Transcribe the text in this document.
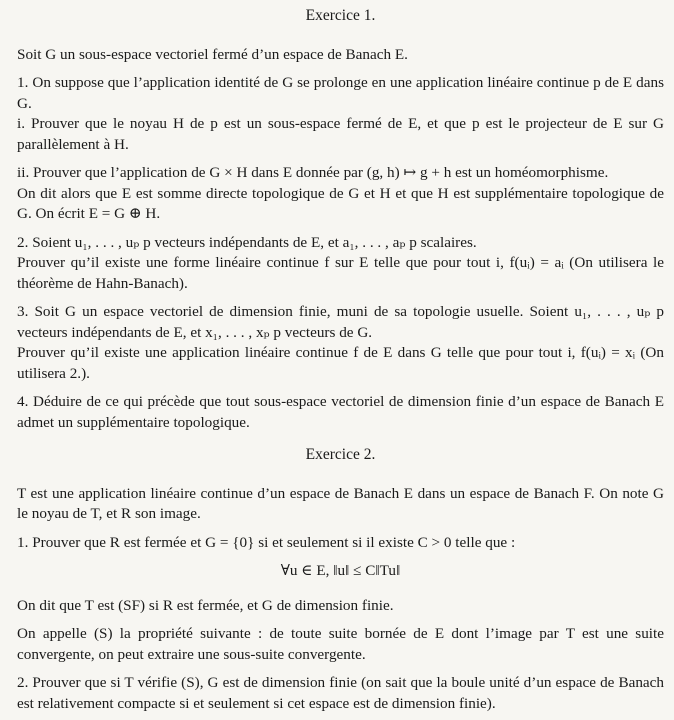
Exercice 1.

Soit G un sous-espace vectoriel fermé d’un espace de Banach E.

1. On suppose que l’application identité de G se prolonge en une application linéaire continue p de E dans G.

i. Prouver que le noyau H de p est un sous-espace fermé de E, et que p est le projecteur de E sur G parallèlement à H.

ii. Prouver que l’application de G × H dans E donnée par (g, h) ↦ g + h est un homéomorphisme.

On dit alors que E est somme directe topologique de G et H et que H est supplémentaire topologique de G. On écrit E = G ⊕ H.

2. Soient u₁, . . . , uₚ p vecteurs indépendants de E, et a₁, . . . , aₚ p scalaires.

Prouver qu’il existe une forme linéaire continue f sur E telle que pour tout i, f(uᵢ) = aᵢ (On utilisera le théorème de Hahn-Banach).

3. Soit G un espace vectoriel de dimension finie, muni de sa topologie usuelle. Soient u₁, . . . , uₚ p vecteurs indépendants de E, et x₁, . . . , xₚ p vecteurs de G.

Prouver qu’il existe une application linéaire continue f de E dans G telle que pour tout i, f(uᵢ) = xᵢ (On utilisera 2.).

4. Déduire de ce qui précède que tout sous-espace vectoriel de dimension finie d’un espace de Banach E admet un supplémentaire topologique.

Exercice 2.

T est une application linéaire continue d’un espace de Banach E dans un espace de Banach F. On note G le noyau de T, et R son image.

1. Prouver que R est fermée et G = {0} si et seulement si il existe C > 0 telle que :

∀u ∈ E, ‖u‖ ≤ C‖Tu‖

On dit que T est (SF) si R est fermée, et G de dimension finie.

On appelle (S) la propriété suivante : de toute suite bornée de E dont l’image par T est une suite convergente, on peut extraire une sous-suite convergente.

2. Prouver que si T vérifie (S), G est de dimension finie (on sait que la boule unité d’un espace de Banach est relativement compacte si et seulement si cet espace est de dimension finie).
